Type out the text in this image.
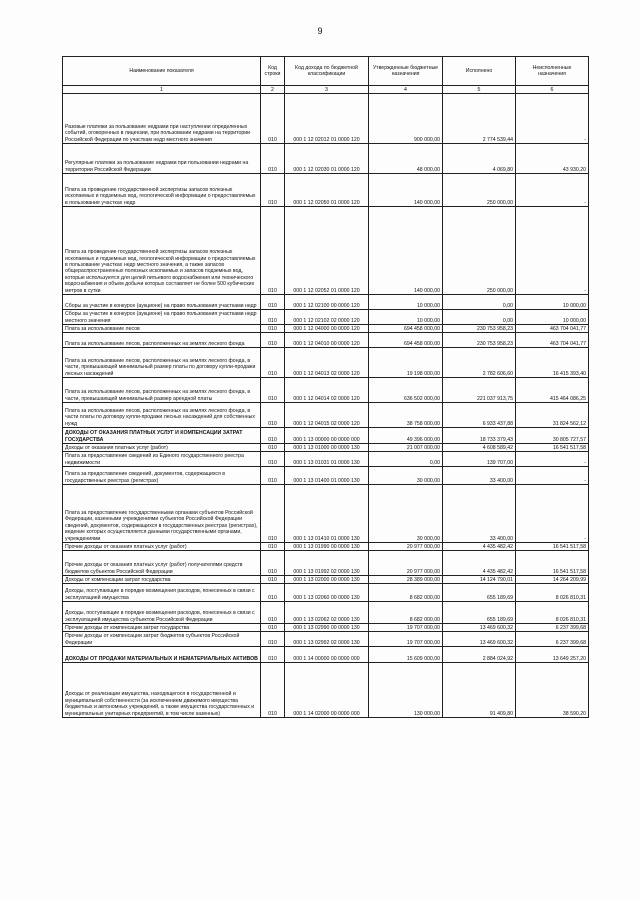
9
Наименование показателя	Код строки	Код дохода по бюджетной классификации	Утвержденные бюджетные назначения	Исполнено	Неисполненные назначения
1	2	3	4	5	6
Разовые платежи за пользование недрами при наступлении определенных событий, оговоренных в лицензии, при пользовании недрами на территории Российской Федерации по участкам недр местного значения	010	000 1 12 02012 01 0000 120	900 000,00	2 774 539,44	-
Регулярные платежи за пользование недрами при пользовании недрами на территории Российской Федерации	010	000 1 12 02030 01 0000 120	48 000,00	4 069,80	43 930,20
Плата за проведение государственной экспертизы запасов полезных ископаемых и подземных вод, геологической информации о предоставляемых в пользование участках недр	010	000 1 12 02050 01 0000 120	140 000,00	250 000,00	-
Плата за проведение государственной экспертизы запасов полезных ископаемых и подземных вод, геологической информации о предоставляемых в пользование участках недр местного значения, а также запасов общераспространенных полезных ископаемых и запасов подземных вод, которые используются для целей питьевого водоснабжения или технического водоснабжения и объем добычи которых составляет не более 500 кубических метров в сутки	010	000 1 12 02052 01 0000 120	140 000,00	250 000,00	-
Сборы за участие в конкурсе (аукционе) на право пользования участками недр	010	000 1 12 02100 00 0000 120	10 000,00	0,00	10 000,00
Сборы за участие в конкурсе (аукционе) на право пользования участками недр местного значения	010	000 1 12 02102 02 0000 120	10 000,00	0,00	10 000,00
Плата за использование лесов	010	000 1 12 04000 00 0000 120	694 458 000,00	230 753 958,23	463 704 041,77
Плата за использование лесов, расположенных на землях лесного фонда	010	000 1 12 04010 00 0000 120	694 458 000,00	230 753 958,23	463 704 041,77
Плата за использование лесов, расположенных на землях лесного фонда, в части, превышающей минимальный размер платы по договору купли-продажи лесных насаждений	010	000 1 12 04013 02 0000 120	19 198 000,00	2 782 606,60	16 415 393,40
Плата за использование лесов, расположенных на землях лесного фонда, в части, превышающей минимальный размер арендной платы	010	000 1 12 04014 02 0000 120	636 502 000,00	221 037 913,75	415 464 086,25
Плата за использование лесов, расположенных на землях лесного фонда, в части платы по договору купли-продажи лесных насаждений для собственных нужд	010	000 1 12 04015 02 0000 120	38 758 000,00	6 933 437,88	31 824 562,12
ДОХОДЫ ОТ ОКАЗАНИЯ ПЛАТНЫХ УСЛУГ И КОМПЕНСАЦИИ ЗАТРАТ ГОСУДАРСТВА	010	000 1 13 00000 00 0000 000	49 396 000,00	18 733 379,43	30 805 727,57
Доходы от оказания платных услуг (работ)	010	000 1 13 01000 00 0000 130	21 007 000,00	4 608 589,42	16 541 517,58
Плата за предоставление сведений из Единого государственного реестра недвижимости	010	000 1 13 01031 01 0000 130	0,00	139 707,00	-
Плата за предоставление сведений, документов, содержащихся в государственных реестрах (регистрах)	010	000 1 13 01400 01 0000 130	30 000,00	33 400,00	-
Плата за предоставление государственными органами субъектов Российской Федерации, казенными учреждениями субъектов Российской Федерации сведений, документов, содержащихся в государственных реестрах (регистрах), ведение которых осуществляется данными государственными органами, учреждениями	010	000 1 13 01410 01 0000 130	30 000,00	33 400,00	-
Прочие доходы от оказания платных услуг (работ)	010	000 1 13 01990 00 0000 130	20 977 000,00	4 435 482,42	16 541 517,58
Прочие доходы от оказания платных услуг (работ) получателями средств бюджетов субъектов Российской Федерации	010	000 1 13 01992 02 0000 130	20 977 000,00	4 435 482,42	16 541 517,58
Доходы от компенсации затрат государства	010	000 1 13 02000 00 0000 130	28 389 000,00	14 124 790,01	14 264 209,99
Доходы, поступающие в порядке возмещения расходов, понесенных в связи с эксплуатацией имущества	010	000 1 13 02060 00 0000 130	8 682 000,00	655 189,69	8 026 810,31
Доходы, поступающие в порядке возмещения расходов, понесенных в связи с эксплуатацией имущества субъектов Российской Федерации	010	000 1 13 02062 02 0000 130	8 682 000,00	655 189,69	8 026 810,31
Прочие доходы от компенсации затрат государства	010	000 1 13 02990 00 0000 130	19 707 000,00	13 469 600,32	6 237 399,68
Прочие доходы от компенсации затрат бюджетов субъектов Российской Федерации	010	000 1 13 02992 02 0000 130	19 707 000,00	13 469 600,32	6 237 399,68
ДОХОДЫ ОТ ПРОДАЖИ МАТЕРИАЛЬНЫХ И НЕМАТЕРИАЛЬНЫХ АКТИВОВ	010	000 1 14 00000 00 0000 000	15 609 000,00	2 884 024,92	13 649 257,20
Доходы от реализации имущества, находящегося в государственной и муниципальной собственности (за исключением движимого имущества бюджетных и автономных учреждений, а также имущества государственных и муниципальных унитарных предприятий, в том числе казенных)	010	000 1 14 02000 00 0000 000	130 000,00	91 409,80	38 590,20
